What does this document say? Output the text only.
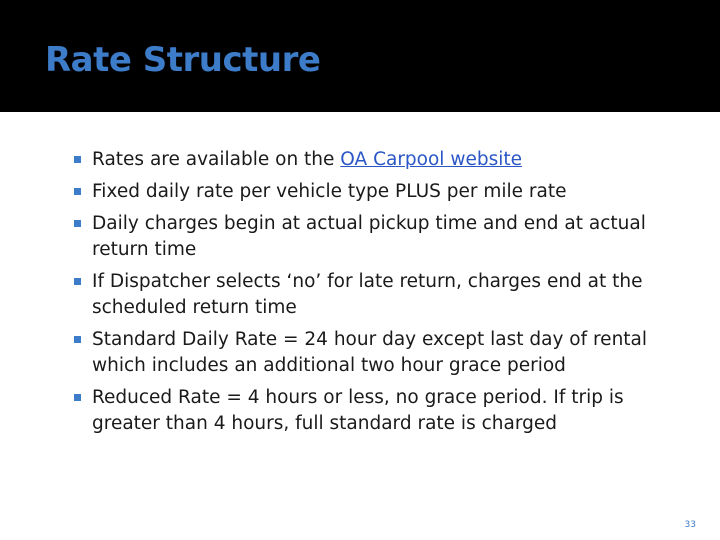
Rate Structure
Rates are available on the OA Carpool website
Fixed daily rate per vehicle type PLUS per mile rate
Daily charges begin at actual pickup time and end at actual return time
If Dispatcher selects ‘no’ for late return, charges end at the scheduled return time
Standard Daily Rate = 24 hour day except last day of rental which includes an additional two hour grace period
Reduced Rate = 4 hours or less, no grace period. If trip is greater than 4 hours, full standard rate is charged
33
